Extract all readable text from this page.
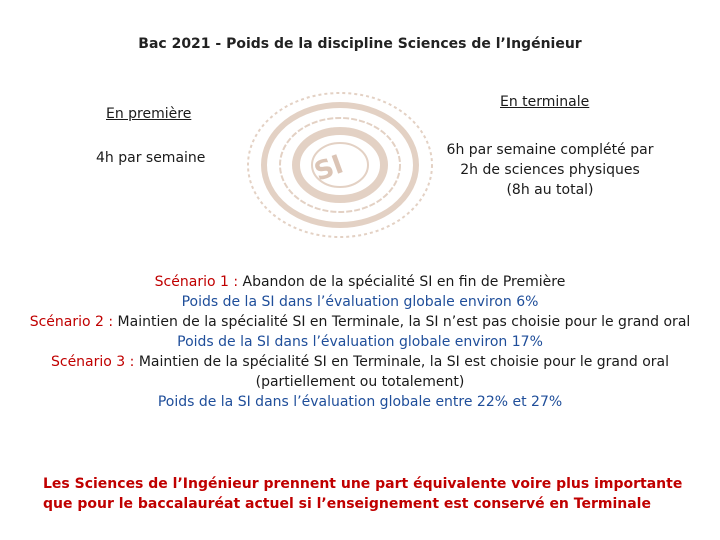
Bac 2021 - Poids de la discipline Sciences de l’Ingénieur
En première
4h par semaine	SI
En terminale
6h par semaine complété par
2h de sciences physiques
(8h au total)
Scénario 1 : Abandon de la spécialité SI en fin de Première
Poids de la SI dans l’évaluation globale environ 6%
Scénario 2 : Maintien de la spécialité SI en Terminale, la SI n’est pas choisie pour le grand oral
Poids de la SI dans l’évaluation globale environ 17%
Scénario 3 : Maintien de la spécialité SI en Terminale, la SI est choisie pour le grand oral (partiellement ou totalement)
Poids de la SI dans l’évaluation globale entre 22% et 27%
Les Sciences de l’Ingénieur prennent une part équivalente voire plus importante que pour le baccalauréat actuel si l’enseignement est conservé en Terminale
